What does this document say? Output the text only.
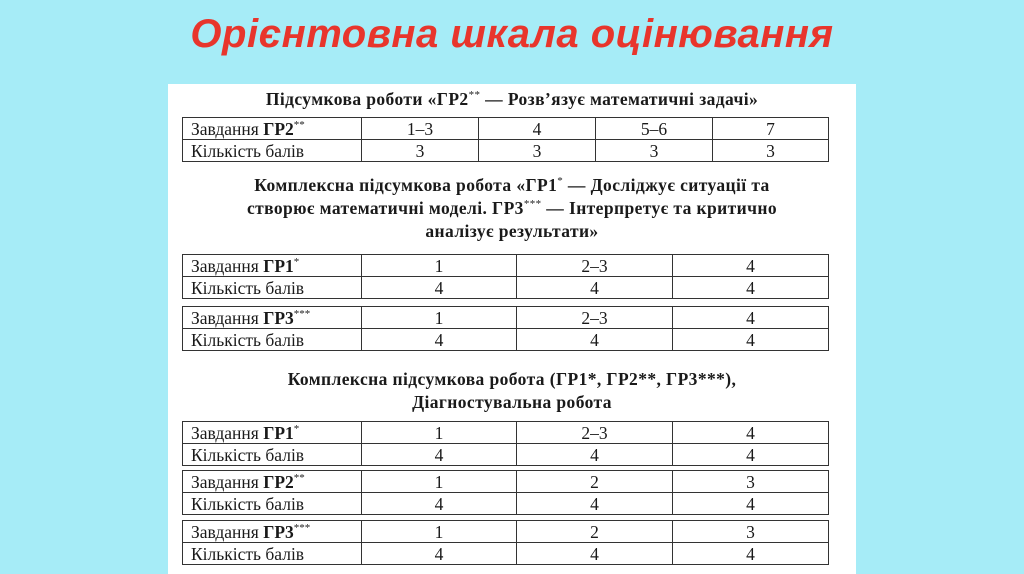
Орієнтовна шкала оцінювання
Підсумкова роботи «ГР2** — Розв’язує математичні задачі»
Завдання ГР2**	1–3	4	5–6	7
Кількість балів	3	3	3	3
Комплексна підсумкова робота «ГР1* — Досліджує ситуації та
створює математичні моделі. ГР3*** — Інтерпретує та критично
аналізує результати»
Завдання ГР1*	1	2–3	4
Кількість балів	4	4	4
Завдання ГР3***	1	2–3	4
Кількість балів	4	4	4
Комплексна підсумкова робота (ГР1*, ГР2**, ГР3***),
Діагностувальна робота
Завдання ГР1*	1	2–3	4
Кількість балів	4	4	4
Завдання ГР2**	1	2	3
Кількість балів	4	4	4
Завдання ГР3***	1	2	3
Кількість балів	4	4	4
